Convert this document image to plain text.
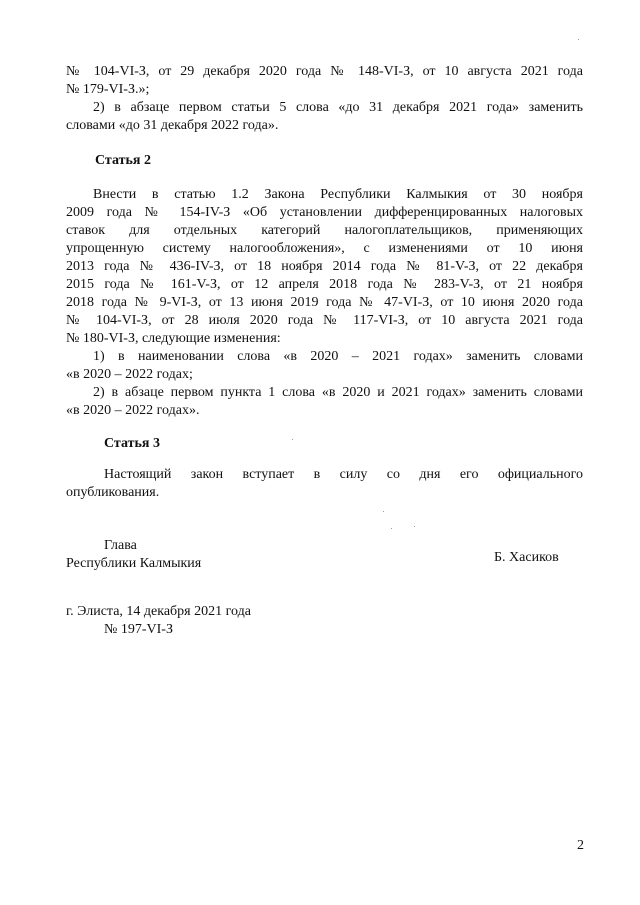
№ 104-VI-З, от 29 декабря 2020 года № 148-VI-З, от 10 августа 2021 года
№ 179-VI-З.»;
2) в абзаце первом статьи 5 слова «до 31 декабря 2021 года» заменить
словами «до 31 декабря 2022 года».
Статья 2
Внести в статью 1.2 Закона Республики Калмыкия от 30 ноября
2009 года № 154-IV-З «Об установлении дифференцированных налоговых
ставок для отдельных категорий налогоплательщиков, применяющих
упрощенную систему налогообложения», с изменениями от 10 июня
2013 года № 436-IV-З, от 18 ноября 2014 года № 81-V-З, от 22 декабря
2015 года № 161-V-З, от 12 апреля 2018 года № 283-V-З, от 21 ноября
2018 года № 9-VI-З, от 13 июня 2019 года № 47-VI-З, от 10 июня 2020 года
№ 104-VI-З, от 28 июля 2020 года № 117-VI-З, от 10 августа 2021 года
№ 180-VI-З, следующие изменения:
1) в наименовании слова «в 2020 – 2021 годах» заменить словами
«в 2020 – 2022 годах;
2) в абзаце первом пункта 1 слова «в 2020 и 2021 годах» заменить словами
«в 2020 – 2022 годах».
Статья 3
Настоящий закон вступает в силу со дня его официального
опубликования.
Глава
Республики Калмыкия	Б. Хасиков
г. Элиста, 14 декабря 2021 года
№ 197-VI-З
2
